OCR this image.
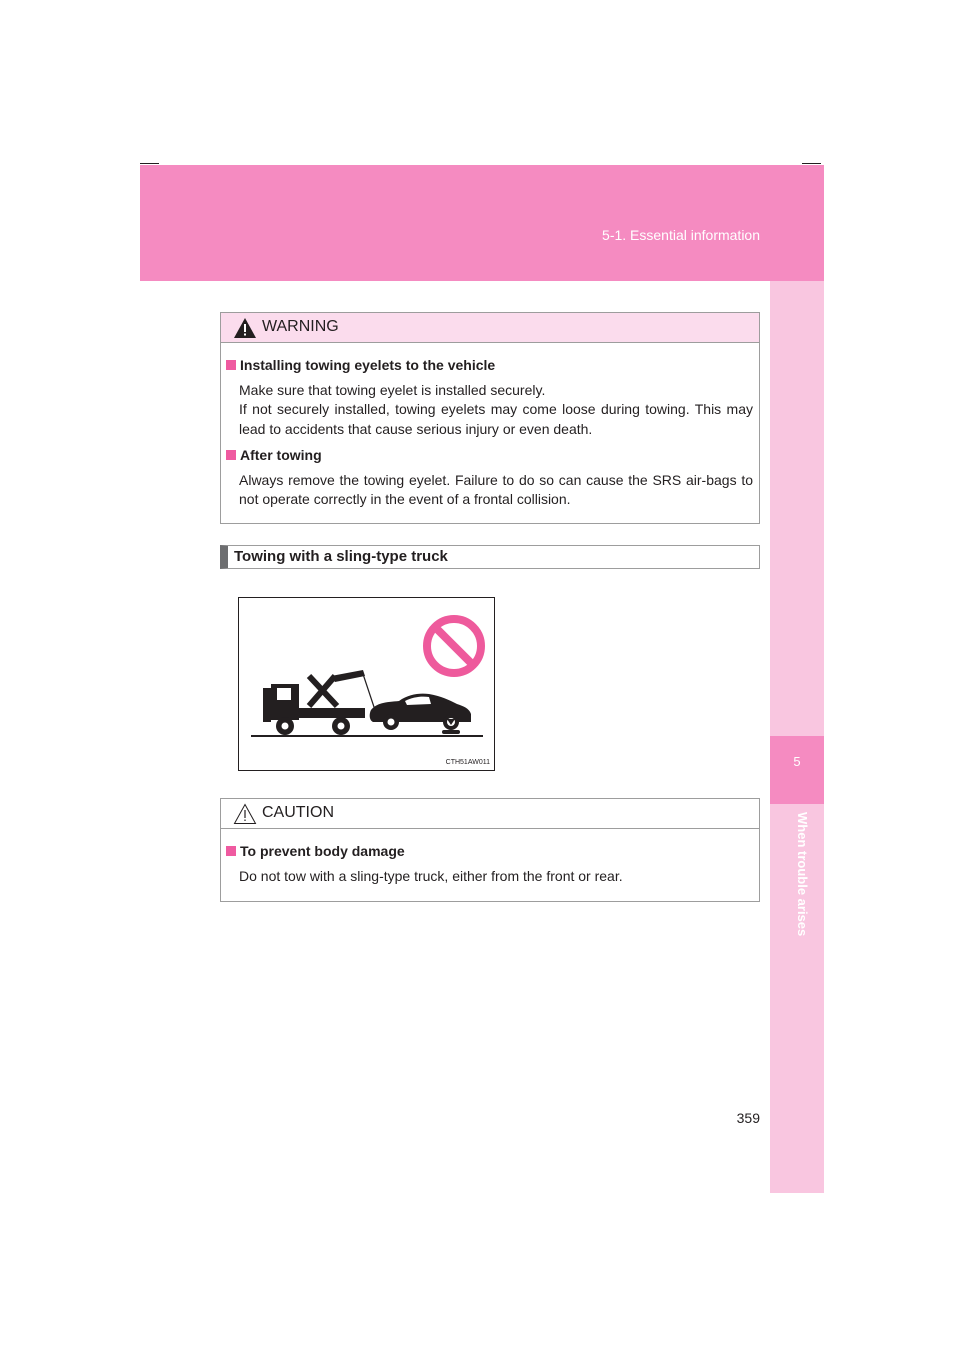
5-1. Essential information
5
When trouble arises
WARNING
Installing towing eyelets to the vehicle

Make sure that towing eyelet is installed securely.

If not securely installed, towing eyelets may come loose during towing. This may lead to accidents that cause serious injury or even death.

After towing

Always remove the towing eyelet. Failure to do so can cause the SRS air-bags to not operate correctly in the event of a frontal collision.

Towing with a sling-type truck
CTH51AW011
CAUTION
To prevent body damage

Do not tow with a sling-type truck, either from the front or rear.

359
